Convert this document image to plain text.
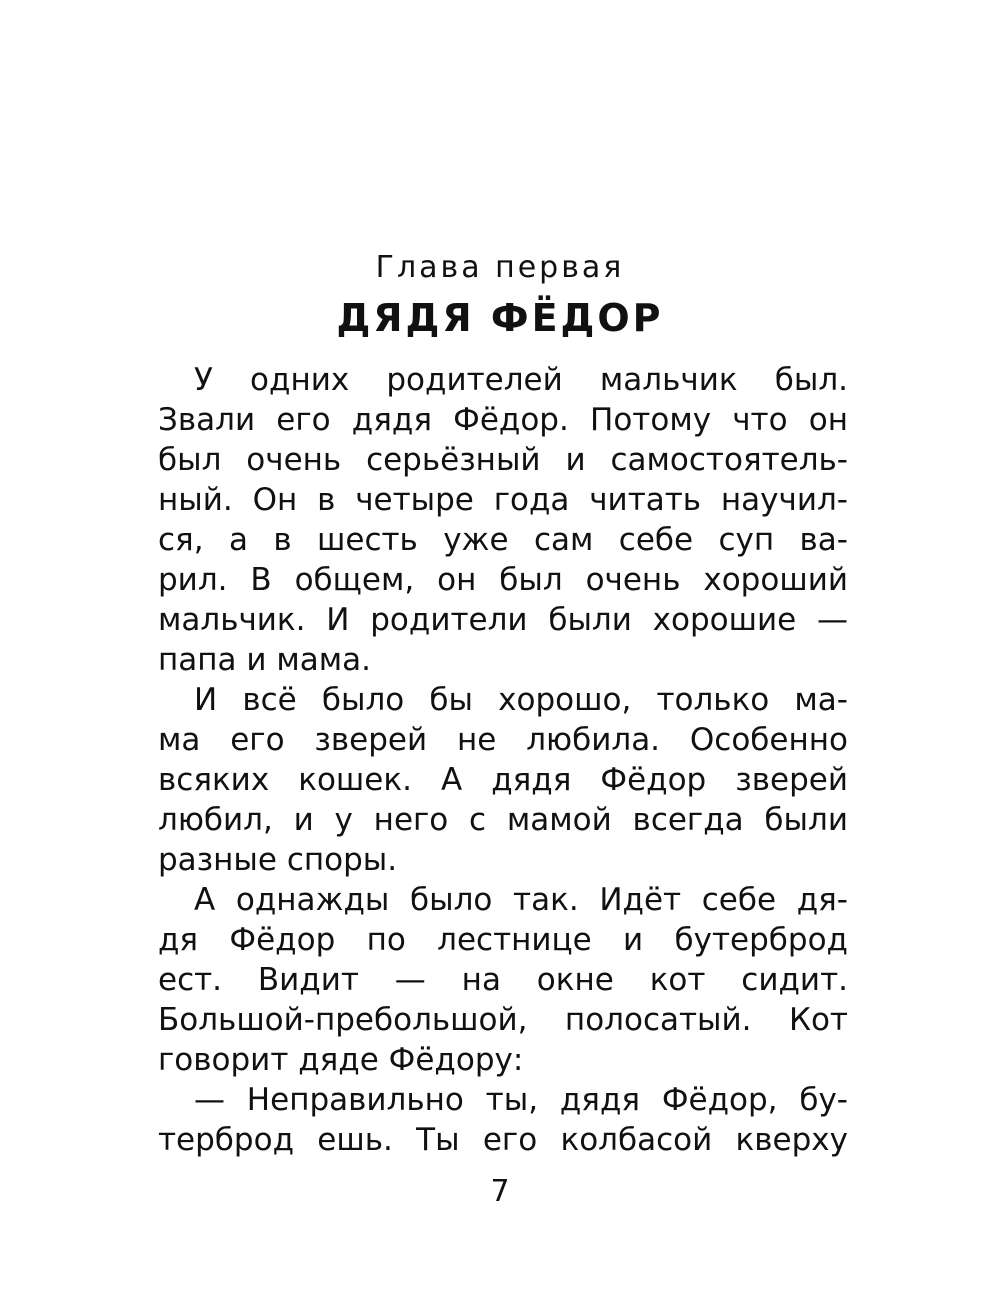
Глава первая
ДЯДЯ ФЁДОР
У одних родителей мальчик был.
Звали его дядя Фёдор. Потому что он
был очень серьёзный и самостоятель-
ный. Он в четыре года читать научил-
ся, а в шесть уже сам себе суп ва-
рил. В общем, он был очень хороший
мальчик. И родители были хорошие —
папа и мама.
И всё было бы хорошо, только ма-
ма его зверей не любила. Особенно
всяких кошек. А дядя Фёдор зверей
любил, и у него с мамой всегда были
разные споры.
А однажды было так. Идёт себе дя-
дя Фёдор по лестнице и бутерброд
ест. Видит — на окне кот сидит.
Большой-пребольшой, полосатый. Кот
говорит дяде Фёдору:
— Неправильно ты, дядя Фёдор, бу-
терброд ешь. Ты его колбасой кверху
7
